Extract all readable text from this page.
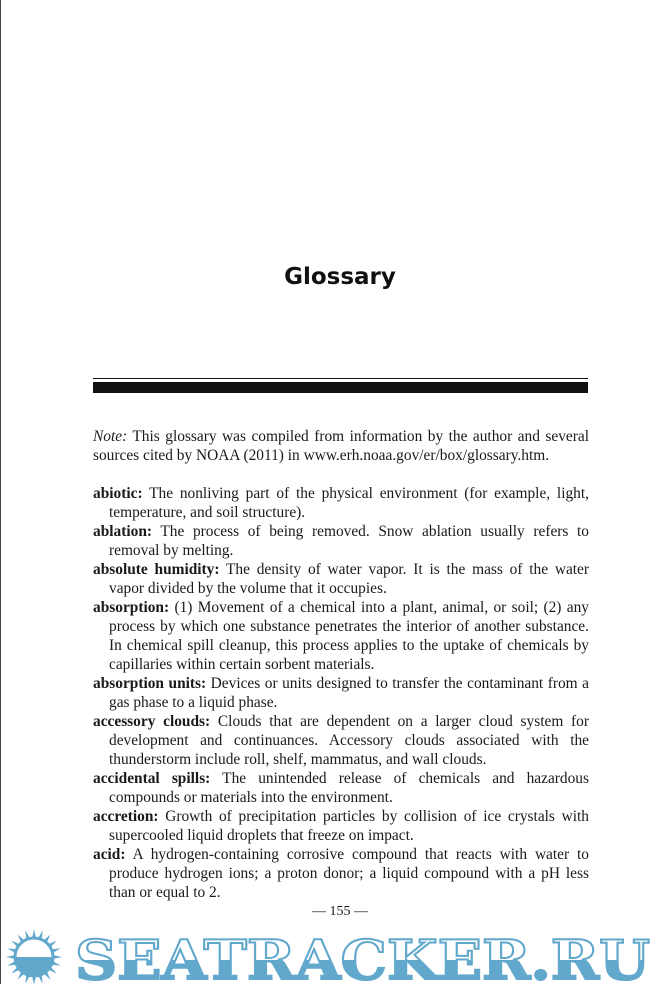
Glossary

Note: This glossary was compiled from information by the author and several sources cited by NOAA (2011) in www.erh.noaa.gov/er/box/glossary.htm.

abiotic: The nonliving part of the physical environment (for example, light, temperature, and soil structure).
ablation: The process of being removed. Snow ablation usually refers to removal by melting.
absolute humidity: The density of water vapor. It is the mass of the water vapor divided by the volume that it occupies.
absorption: (1) Movement of a chemical into a plant, animal, or soil; (2) any process by which one substance penetrates the interior of another substance. In chemical spill cleanup, this process applies to the uptake of chemicals by capillaries within certain sorbent materials.
absorption units: Devices or units designed to transfer the contaminant from a gas phase to a liquid phase.
accessory clouds: Clouds that are dependent on a larger cloud system for development and continuances. Accessory clouds associated with the thunderstorm include roll, shelf, mammatus, and wall clouds.
accidental spills: The unintended release of chemicals and hazardous compounds or materials into the environment.
accretion: Growth of precipitation particles by collision of ice crystals with supercooled liquid droplets that freeze on impact.
acid: A hydrogen-containing corrosive compound that reacts with water to produce hydrogen ions; a proton donor; a liquid compound with a pH less than or equal to 2.
— 155 —
SEATRACKER.RU
